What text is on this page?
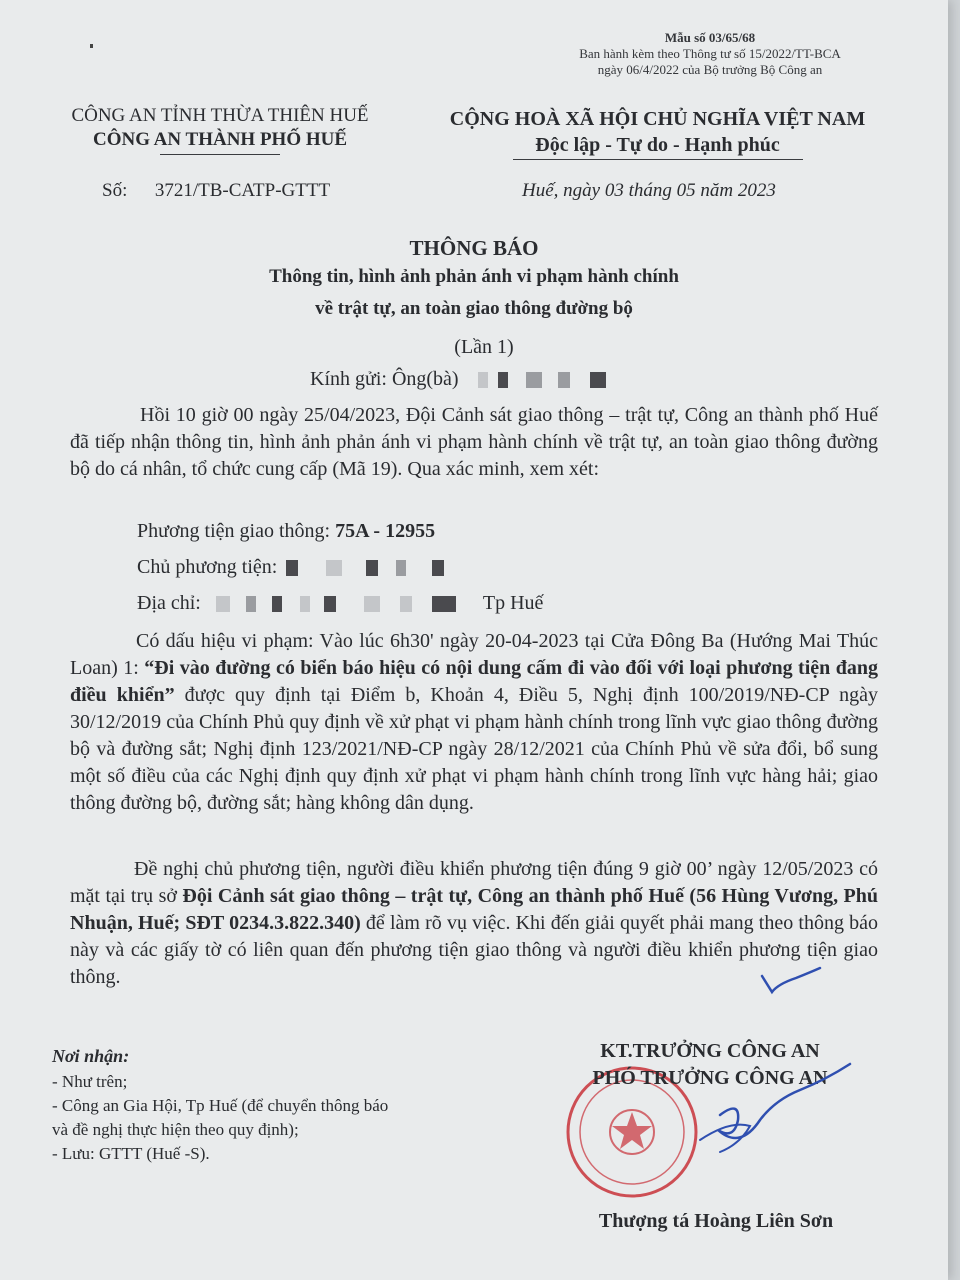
Mẫu số 03/65/68
Ban hành kèm theo Thông tư số 15/2022/TT-BCA
ngày 06/4/2022 của Bộ trưởng Bộ Công an
CÔNG AN TỈNH THỪA THIÊN HUẾ
CÔNG AN THÀNH PHỐ HUẾ
CỘNG HOÀ XÃ HỘI CHỦ NGHĨA VIỆT NAM
Độc lập - Tự do - Hạnh phúc
Số: 3721/TB-CATP-GTTT	Huế, ngày 03 tháng 05 năm 2023
THÔNG BÁO
Thông tin, hình ảnh phản ánh vi phạm hành chính
về trật tự, an toàn giao thông đường bộ
(Lần 1)
Kính gửi: Ông(bà)
Hồi 10 giờ 00 ngày 25/04/2023, Đội Cảnh sát giao thông – trật tự, Công an thành phố Huế đã tiếp nhận thông tin, hình ảnh phản ánh vi phạm hành chính về trật tự, an toàn giao thông đường bộ do cá nhân, tổ chức cung cấp (Mã 19). Qua xác minh, xem xét:
Phương tiện giao thông: 75A - 12955
Chủ phương tiện:
Địa chỉ:	Tp Huế
Có dấu hiệu vi phạm: Vào lúc 6h30' ngày 20-04-2023 tại Cửa Đông Ba (Hướng Mai Thúc Loan) 1: “Đi vào đường có biển báo hiệu có nội dung cấm đi vào đối với loại phương tiện đang điều khiển” được quy định tại Điểm b, Khoản 4, Điều 5, Nghị định 100/2019/NĐ-CP ngày 30/12/2019 của Chính Phủ quy định về xử phạt vi phạm hành chính trong lĩnh vực giao thông đường bộ và đường sắt; Nghị định 123/2021/NĐ-CP ngày 28/12/2021 của Chính Phủ về sửa đổi, bổ sung một số điều của các Nghị định quy định xử phạt vi phạm hành chính trong lĩnh vực hàng hải; giao thông đường bộ, đường sắt; hàng không dân dụng.
Đề nghị chủ phương tiện, người điều khiển phương tiện đúng 9 giờ 00’ ngày 12/05/2023 có mặt tại trụ sở Đội Cảnh sát giao thông – trật tự, Công an thành phố Huế (56 Hùng Vương, Phú Nhuận, Huế; SĐT 0234.3.822.340) để làm rõ vụ việc. Khi đến giải quyết phải mang theo thông báo này và các giấy tờ có liên quan đến phương tiện giao thông và người điều khiển phương tiện giao thông.
Nơi nhận:
- Như trên;
- Công an Gia Hội, Tp Huế (để chuyển thông báo
và đề nghị thực hiện theo quy định);
- Lưu: GTTT (Huế -S).
KT.TRƯỞNG CÔNG AN
PHÓ TRƯỞNG CÔNG AN
Thượng tá Hoàng Liên Sơn
